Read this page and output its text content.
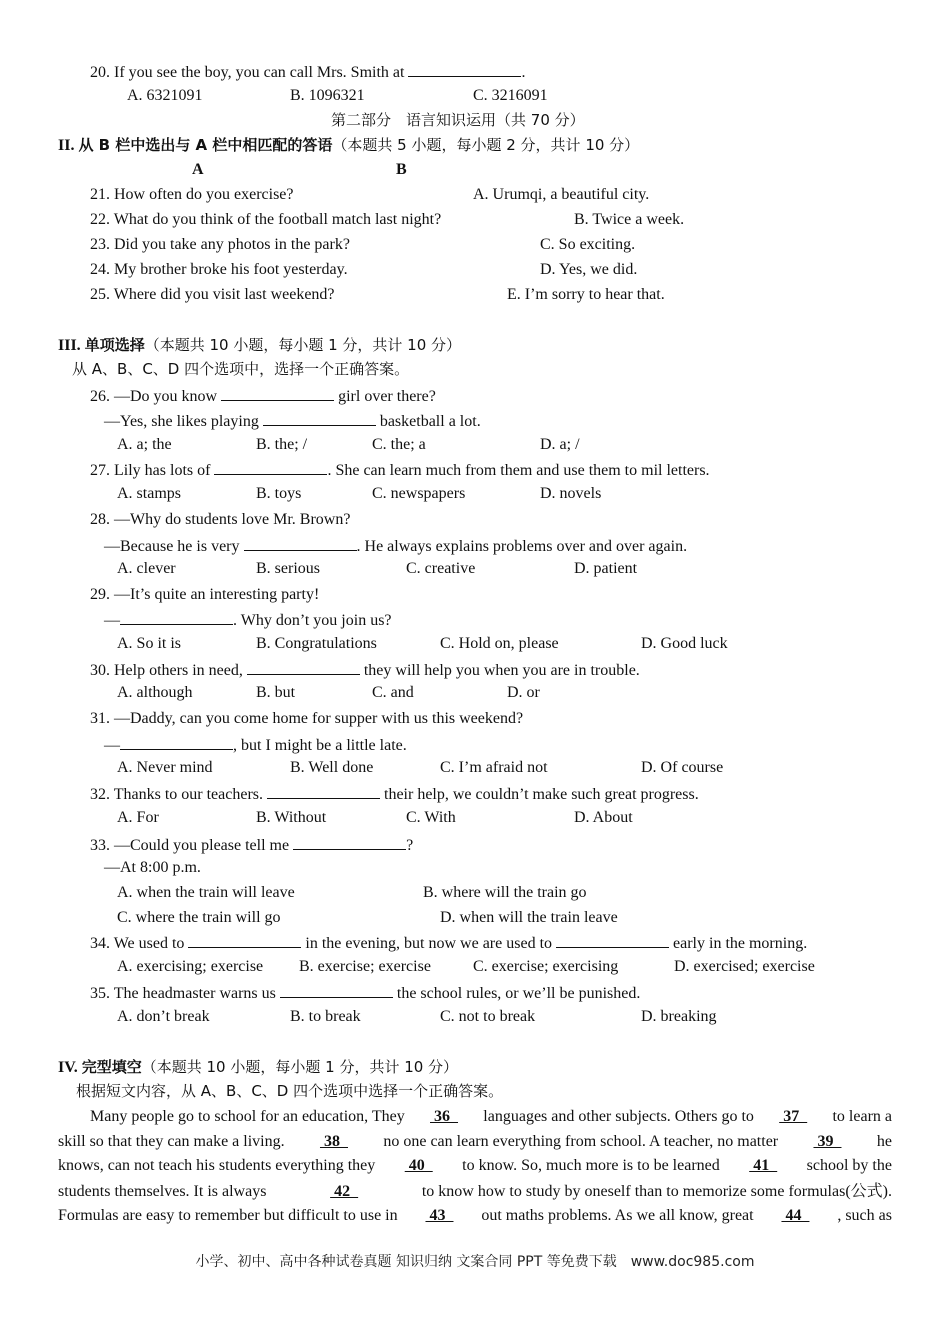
20. If you see the boy, you can call Mrs. Smith at	.
A. 6321091	B. 1096321	C. 3216091
第二部分　语言知识运用（共 70 分）
II. 从 B 栏中选出与 A 栏中相匹配的答语（本题共 5 小题，每小题 2 分，共计 10 分）
A	B
21. How often do you exercise?	A. Urumqi, a beautiful city.
22. What do you think of the football match last night?	B. Twice a week.
23. Did you take any photos in the park?	C. So exciting.
24. My brother broke his foot yesterday.	D. Yes, we did.
25. Where did you visit last weekend?	E. I’m sorry to hear that.
III. 单项选择（本题共 10 小题，每小题 1 分，共计 10 分）
从 A、B、C、D 四个选项中，选择一个正确答案。
26. —Do you know	girl over there?
—Yes, she likes playing	basketball a lot.
A. a; the	B. the; /	C. the; a	D. a; /
27. Lily has lots of	. She can learn much from them and use them to mil letters.
A. stamps	B. toys	C. newspapers	D. novels
28. —Why do students love Mr. Brown?
—Because he is very	. He always explains problems over and over again.
A. clever	B. serious	C. creative	D. patient
29. —It’s quite an interesting party!
—	. Why don’t you join us?
A. So it is	B. Congratulations	C. Hold on, please	D. Good luck
30. Help others in need,	they will help you when you are in trouble.
A. although	B. but	C. and	D. or
31. —Daddy, can you come home for supper with us this weekend?
—	, but I might be a little late.
A. Never mind	B. Well done	C. I’m afraid not	D. Of course
32. Thanks to our teachers.	their help, we couldn’t make such great progress.
A. For	B. Without	C. With	D. About
33. —Could you please tell me	?
—At 8:00 p.m.
A. when the train will leave	B. where will the train go
C. where the train will go	D. when will the train leave
34. We used to	in the evening, but now we are used to	early in the morning.
A. exercising; exercise B. exercise; exercise	C. exercise; exercising	D. exercised; exercise
35. The headmaster warns us	the school rules, or we’ll be punished.
A. don’t break	B. to break	C. not to break	D. breaking
IV. 完型填空（本题共 10 小题，每小题 1 分，共计 10 分）
根据短文内容，从 A、B、C、D 四个选项中选择一个正确答案。
Many people go to school for an education, They 36 languages and other subjects. Others go to 37 to learn a
skill so that they can make a living. 38 no one can learn everything from school. A teacher, no matter 39 he
knows, can not teach his students everything they 40 to know. So, much more is to be learned 41 school by the
students themselves. It is always	42	to know how to study by oneself than to memorize some formulas(公式).
Formulas are easy to remember but difficult to use in 43 out maths problems. As we all know, great 44 , such as
小学、初中、高中各种试卷真题 知识归纳 文案合同 PPT 等免费下载　www.doc985.com
